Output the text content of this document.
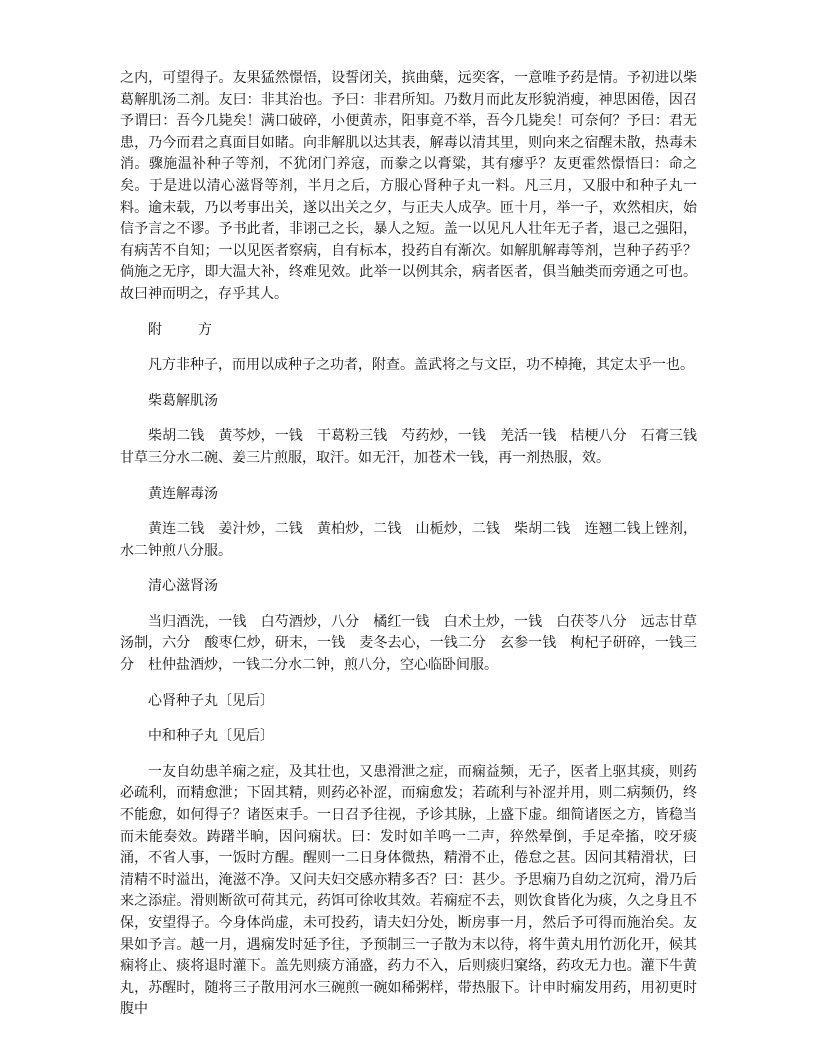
之内，可望得子。友果猛然憬悟，设誓闭关，摈曲蘖，远奕客，一意唯予药是情。予初进以柴葛解肌汤二剂。友曰：非其治也。予曰：非君所知。乃数月而此友形貌消瘦，神思困倦，因召予谓曰：吾今几毙矣！满口破碎，小便黄赤，阳事竟不举，吾今几毙矣！可奈何？予曰：君无患，乃今而君之真面目如睹。向非解肌以达其表，解毒以清其里，则向来之宿醒未散，热毒未消。骤施温补种子等剂，不犹闭门养寇，而豢之以膏粱，其有瘳乎？友更霍然憬悟曰：命之矣。于是进以清心滋肾等剂，半月之后，方服心肾种子丸一料。凡三月，又服中和种子丸一料。逾未载，乃以考事出关，遂以出关之夕，与正夫人成孕。匝十月，举一子，欢然相庆，始信予言之不谬。予书此者，非诩己之长，暴人之短。盖一以见凡人壮年无子者，退己之强阳，有病苦不自知；一以见医者察病，自有标本，投药自有渐次。如解肌解毒等剂，岂种子药乎？倘施之无序，即大温大补，终难见效。此举一以例其余，病者医者，俱当触类而旁通之可也。故曰神而明之，存乎其人。

附	方

凡方非种子，而用以成种子之功者，附查。盖武将之与文臣，功不棹掩，其定太乎一也。

柴葛解肌汤

柴胡二钱　黄芩炒，一钱　干葛粉三钱　芍药炒，一钱　羌活一钱　桔梗八分　石膏三钱　甘草三分水二碗、姜三片煎服，取汗。如无汗，加苍术一钱，再一剂热服，效。

黄连解毒汤

黄连二钱　姜汁炒，二钱　黄柏炒，二钱　山栀炒，二钱　柴胡二钱　连翘二钱上锉剂，水二钟煎八分服。

清心滋肾汤

当归酒洗，一钱　白芍酒炒，八分　橘红一钱　白术土炒，一钱　白茯苓八分　远志甘草汤制，六分　酸枣仁炒，研末，一钱　麦冬去心，一钱二分　玄参一钱　枸杞子研碎，一钱三分　杜仲盐酒炒，一钱二分水二钟，煎八分，空心临卧间服。

心肾种子丸〔见后〕

中和种子丸〔见后〕

一友自幼患羊痫之症，及其壮也，又患滑泄之症，而痫益频，无子，医者上驱其痰，则药必疏利，而精愈泄；下固其精，则药必补涩，而痫愈发；若疏利与补涩并用，则二病频仍，终不能愈，如何得子？诸医束手。一日召予往视，予诊其脉，上盛下虚。细简诸医之方，皆稳当而未能奏效。踌躇半晌，因问痫状。曰：发时如羊鸣一二声，猝然晕倒，手足牵搐，咬牙痰涌，不省人事，一饭时方醒。醒则一二日身体微热，精滑不止，倦怠之甚。因问其精滑状，曰清精不时溢出，淹滋不净。又问夫妇交感亦精多否？曰：甚少。予思痫乃自幼之沉疴，滑乃后来之添症。滑则断欲可荷其元，药饵可徐收其效。若痫症不去，则饮食皆化为痰，久之身且不保，安望得子。今身体尚虚，未可投药，请夫妇分处，断房事一月，然后予可得而施治矣。友果如予言。越一月，遇痫发时延予往，予预制三一子散为末以待，将牛黄丸用竹沥化开，候其痫将止、痰将退时灌下。盖先则痰方涌盛，药力不入，后则痰归窠络，药攻无力也。灌下牛黄丸，苏醒时，随将三子散用河水三碗煎一碗如稀粥样，带热服下。计申时痫发用药，用初更时腹中
